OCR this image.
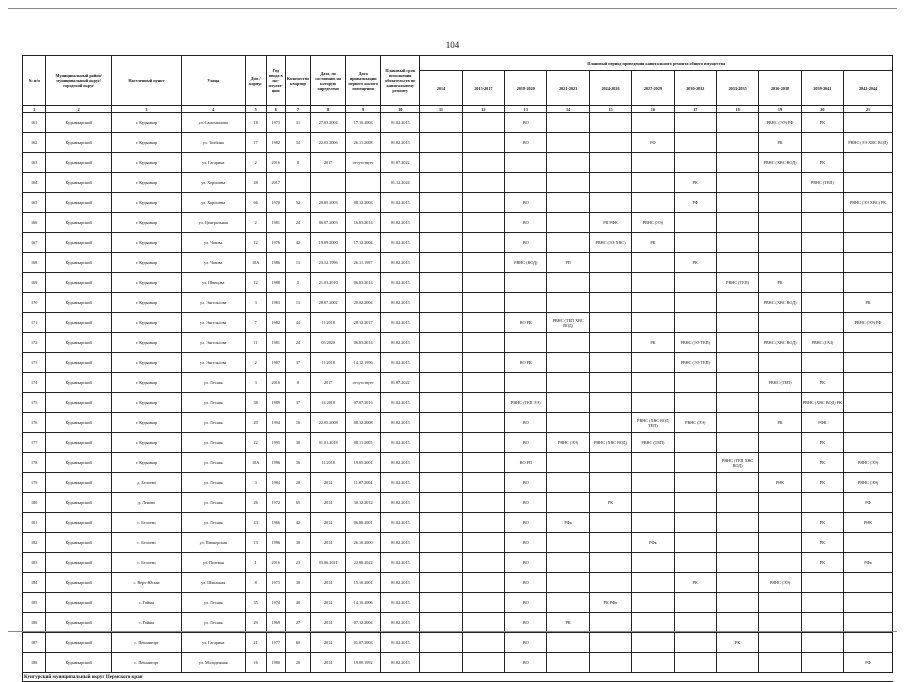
104
№ п/п	Муниципальный район/ муниципальный округ/городской округ	Населенный пункт	Улица	Дом / корпус	Год ввода в экс-плуата-цию	Количество квартир	Дата, по состоянию на которую определено	Дата приватизации первого жилого помещения	Плановый срок исполнения обязательств по капитальному ремонту	Плановый период проведения капитального ремонта общего имущества										
										2014	2015-2017	2018-2020	2021-2023	2024-2026	2027-2029	2030-2032	2033-2035	2036-2038	2039-2041	2042-2044
1	2	3	4	5	6	7	8	9	10	11	12	13	14	15	16	17	18	19	20	21
161	Кудымкарский	г. Кудымкар	ул. Самохвалова	18	1973	31	27.03.2004	17.10.2003	01.02.2015			ВО						РВНС (ЭЭ) РФ	РК	
162	Кудымкарский	г. Кудымкар	ул. Толбина	17	1982	34	22.03.2006	26.11.2008	01.02.2015			ВО			РФ			РК		РВНС (ЭЭ ХВС ВОД)
163	Кудымкарский	г. Кудымкар	ул. Гагарина	2	2016	8	2017	отсутствует	01.07.2022									РВНС (ХВС ВОД)	РК	
164	Кудымкарский	г. Кудымкар	ул. Хорошева	48	2017				01.12.2024							РК			РВНС (ТЕП)	
165	Кудымкарский	г. Кудымкар	ул. Хорошева	66	1970	52	20.05.2003	08.12.2003	01.02.2015			ВО				РФ				РВНС (ЭЭ ХВС) РК
166	Кудымкарский	г. Кудымкар	ул. Центральная	2	1981	24	06.07.2003	16.03.2014	01.02.2015			ВО		РК РФК	РВНС (ЭЭ)					
167	Кудымкарский	г. Кудымкар	ул. Чазова	12	1976	42	19.09.2000	17.12.2004	01.02.2015			ВО		РВНС (ЭЭ ХВС)	РК					
168	Кудымкарский	г. Кудымкар	ул. Чазова	10А	1986	13	23.12.1996	26.11.1997	01.02.2015			РВНС (ВОД)	РП			РК				
169	Кудымкарский	г. Кудымкар	ул. Швецова	12	1988	5	21.03.2010	06.03.2014	01.02.2015								РВНС (ТЕП)	РК		
170	Кудымкарский	г. Кудымкар	ул. Энгельсова	3	1983	13	28.07.2002	20.02.2004	01.02.2015									РВНС (ХВС ВОД)		РК
171	Кудымкарский	г. Кудымкар	ул. Энгельсова	7	1982	44	11.2018	28.12.2017	01.02.2015			ВО РК	РВНС (ТЕП ХВС ВОД)							РВНС (ЭЭ) РФ
172	Кудымкарский	г. Кудымкар	ул. Энгельсова	11	1981	24	05.2020	06.03.2014	01.02.2015						РК	РВНС (ЭЭ ТЕП)		РВНС (ХВС ВОД)	РВНС (ГАЗ)	
173	Кудымкарский	г. Кудымкар	ул. Энгельсова	2	1987	37	11.2018	14.12.1996	01.02.2015			ВО РК				РВНС (ЭЭ ТЕП)				
174	Кудымкарский	г. Кудымкар	ул. Лесная	3	2016	8	2017	отсутствует	01.07.2022									РВНС (ТЕП)	РК	
175	Кудымкарский	г. Кудымкар	ул. Лесная	38	1989	37	14.2018	07.07.2016	01.02.2015			РВНС (ТЕП ЭЭ)							РВНС (ХВС ВОД) РК	
176	Кудымкарский	г. Кудымкар	ул. Лесная	20	1994	16	22.05.2008	08.12.2008	01.02.2015			ВО			РВНС (ХВС ВОД ТЕП)	РВНС (ЭЭ)		РК	РФК	
177	Кудымкарский	г. Кудымкар	ул. Лесная	22	1995	30	01.01.2018	08.11.2005	01.02.2015			ВО	РВНС (ЭЭ)	РВНС (ХВС ВОД)	РВНС (ТЕП)				РК	
178	Кудымкарский	г. Кудымкар	ул. Лесная	10А	1996	36	11.2018	19.05.2001	01.02.2015			ВО РП					РВНС (ТЕП ХВС ВОД)		РК	РВНС (ЭЭ)
179	Кудымкарский	д. Белоево	ул. Лесная	3	1984	20	2014	11.07.2004	01.02.2015			ВО						РНК	РК	РВНС (ЭЭ)
180	Кудымкарский	д. Леново	ул. Лесная	26	1972	65	2014	30.12.2012	01.02.2015			ВО		РК						РФ
181	Кудымкарский	с. Белоево	ул. Лесная	43	1966	42	2014	06.08.2001	01.02.2015			ВО	РФк						РК	РНК
182	Кудымкарский	с. Белоево	ул. Пионерская	13	1996	30	2014	26.10.2000	01.02.2015			ВО			РФк				РК	
183	Кудымкарский	с. Белоево	ул. Полевая	1	2016	23	03.06.2021	22.08.2022	01.02.2015			ВО							РК	РФк
184	Кудымкарский	с. Верх-Юсьва	ул. Школьная	8	1975	30	2014	15.10.2001	01.02.2015			ВО				РК		РВНС (ЭЭ)		
185	Кудымкарский	с. Гайны	ул. Лесная	35	1974	40	2014	14.10.2006	01.02.2015			ВО		РК РФк						
186	Кудымкарский	с. Гайны	ул. Лесная	29	1969	27	2014	07.12.2004	01.02.2015			ВО	РК							
187	Кудымкарский	с. Пешнигорт	ул. Гагарина	21	1977	60	2014	01.07.2003	01.02.2015			ВО					РК			
188	Кудымкарский	с. Пешнигорт	ул. Молодежная	16	1980	20	2014	19.09.1992	01.02.2015			ВО								РФ
Кунгурский муниципальный округ Пермского края																				
